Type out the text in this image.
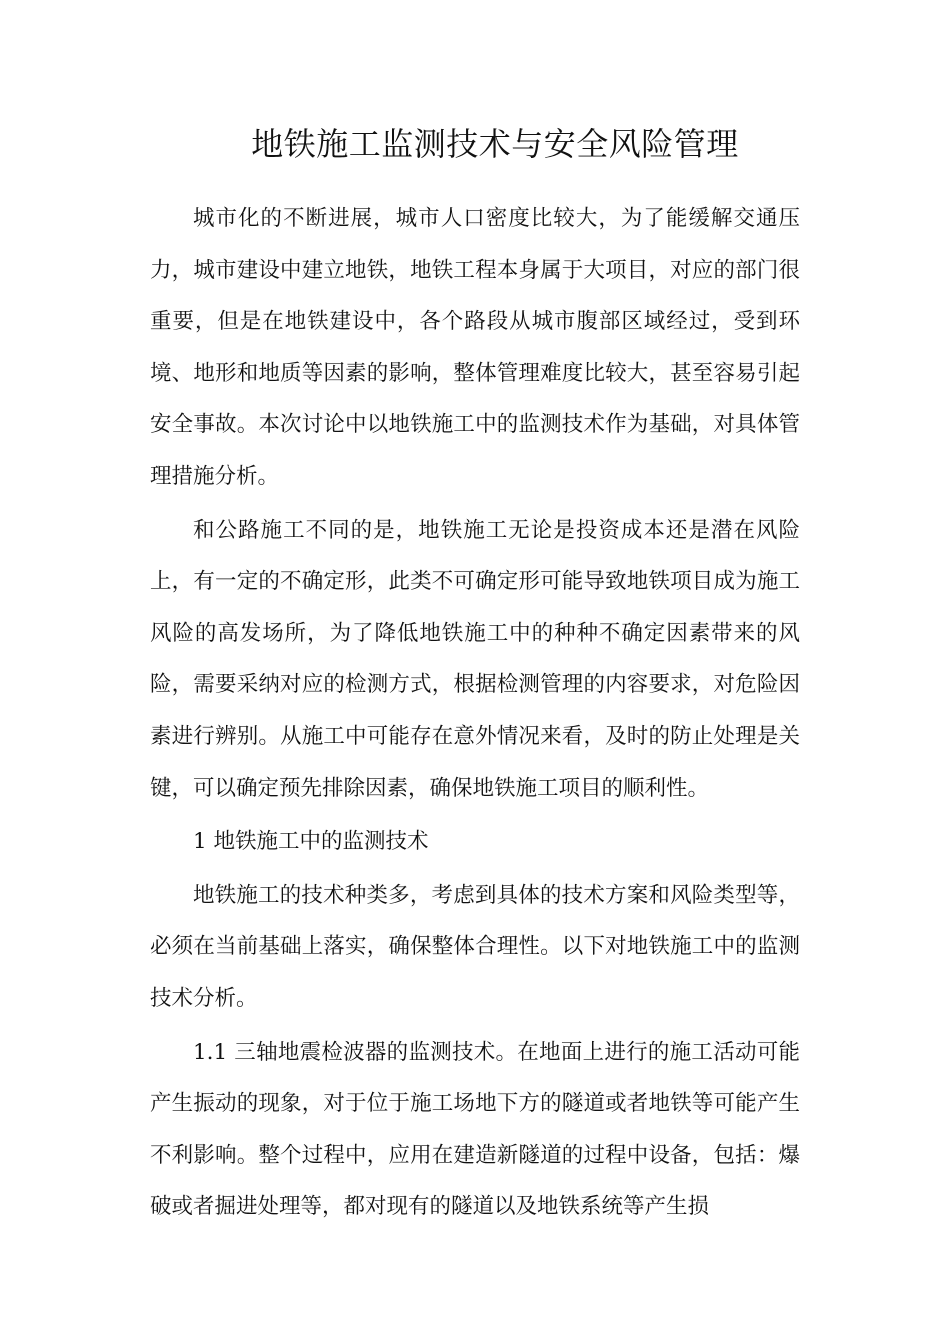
地铁施工监测技术与安全风险管理

城市化的不断进展，城市人口密度比较大，为了能缓解交通压力，城市建设中建立地铁，地铁工程本身属于大项目，对应的部门很重要，但是在地铁建设中，各个路段从城市腹部区域经过，受到环境、地形和地质等因素的影响，整体管理难度比较大，甚至容易引起安全事故。本次讨论中以地铁施工中的监测技术作为基础，对具体管理措施分析。

和公路施工不同的是，地铁施工无论是投资成本还是潜在风险上，有一定的不确定形，此类不可确定形可能导致地铁项目成为施工风险的高发场所，为了降低地铁施工中的种种不确定因素带来的风险，需要采纳对应的检测方式，根据检测管理的内容要求，对危险因素进行辨别。从施工中可能存在意外情况来看，及时的防止处理是关键，可以确定预先排除因素，确保地铁施工项目的顺利性。

1 地铁施工中的监测技术

地铁施工的技术种类多，考虑到具体的技术方案和风险类型等，必须在当前基础上落实，确保整体合理性。以下对地铁施工中的监测技术分析。

1.1 三轴地震检波器的监测技术。在地面上进行的施工活动可能产生振动的现象，对于位于施工场地下方的隧道或者地铁等可能产生不利影响。整个过程中，应用在建造新隧道的过程中设备，包括：爆破或者掘进处理等，都对现有的隧道以及地铁系统等产生损
